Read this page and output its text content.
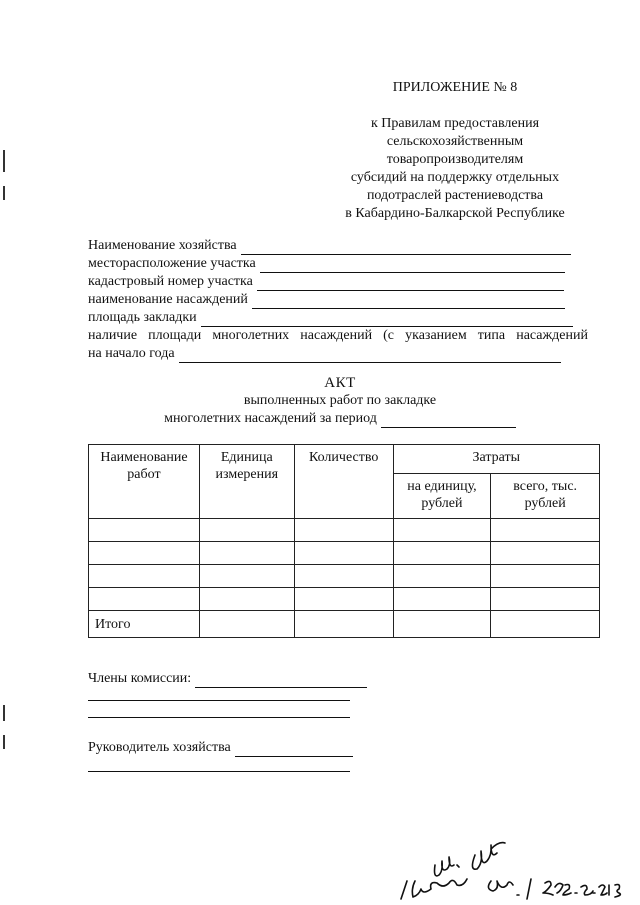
ПРИЛОЖЕНИЕ № 8
к Правилам предоставления
сельскохозяйственным
товаропроизводителям
субсидий на поддержку отдельных
подотраслей растениеводства
в Кабардино-Балкарской Республике
Наименование хозяйства
месторасположение участка
кадастровый номер участка
наименование насаждений
площадь закладки
наличие площади многолетних насаждений (с указанием типа насаждений
на начало года
АКТ
выполненных работ по закладке
многолетних насаждений за период
Наименование работ	Единица измерения	Количество	Затраты	
			на единицу, рублей	всего, тыс. рублей

Итого				
Члены комиссии:
Руководитель хозяйства
